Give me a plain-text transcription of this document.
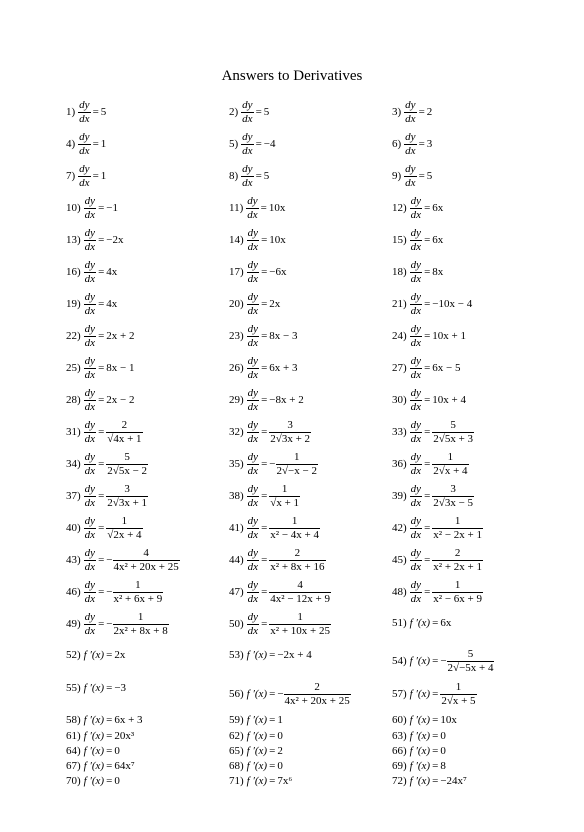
Answers to Derivatives
$1) \frac{dy}{dx} = 5$	$2) \frac{dy}{dx} = 5$	$3) \frac{dy}{dx} = 2$
$4) \frac{dy}{dx} = 1$	$5) \frac{dy}{dx} = -4$	$6) \frac{dy}{dx} = 3$
$7) \frac{dy}{dx} = 1$	$8) \frac{dy}{dx} = 5$	$9) \frac{dy}{dx} = 5$
$10) \frac{dy}{dx} = -1$	$11) \frac{dy}{dx} = 10x$	$12) \frac{dy}{dx} = 6x$
$13) \frac{dy}{dx} = -2x$	$14) \frac{dy}{dx} = 10x$	$15) \frac{dy}{dx} = 6x$
$16) \frac{dy}{dx} = 4x$	$17) \frac{dy}{dx} = -6x$	$18) \frac{dy}{dx} = 8x$
$19) \frac{dy}{dx} = 4x$	$20) \frac{dy}{dx} = 2x$	$21) \frac{dy}{dx} = -10x - 4$
$22) \frac{dy}{dx} = 2x + 2$	$23) \frac{dy}{dx} = 8x - 3$	$24) \frac{dy}{dx} = 10x + 1$
$25) \frac{dy}{dx} = 8x - 1$	$26) \frac{dy}{dx} = 6x + 3$	$27) \frac{dy}{dx} = 6x - 5$
$28) \frac{dy}{dx} = 2x - 2$	$29) \frac{dy}{dx} = -8x + 2$	$30) \frac{dy}{dx} = 10x + 4$
$31) \frac{dy}{dx} = \frac{2}{√4x + 1}$	$32) \frac{dy}{dx} = \frac{3}{2√3x + 2}$	$33) \frac{dy}{dx} = \frac{5}{2√5x + 3}$
$34) \frac{dy}{dx} = \frac{5}{2√5x - 2}$	$35) \frac{dy}{dx}$ = − $\frac{1}{2√-x - 2}$	$36) \frac{dy}{dx} = \frac{1}{2√x + 4}$
$37) \frac{dy}{dx} = \frac{3}{2√3x + 1}$	$38) \frac{dy}{dx} = \frac{1}{√x + 1}$	$39) \frac{dy}{dx} = \frac{3}{2√3x - 5}$
$40) \frac{dy}{dx} = \frac{1}{√2x + 4}$	$41) \frac{dy}{dx} = \frac{1}{\text{x² − 4x + 4}}$	$42) \frac{dy}{dx} = \frac{1}{\text{x² − 2x + 1}}$
$43) \frac{dy}{dx}$ = − $\frac{4}{\text{4x² + 20x + 25}}$	$44) \frac{dy}{dx} = \frac{2}{\text{x² + 8x + 16}}$	$45) \frac{dy}{dx} = \frac{2}{\text{x² + 2x + 1}}$
$46) \frac{dy}{dx}$ = − $\frac{1}{\text{x² + 6x + 9}}$	$47) \frac{dy}{dx} = \frac{4}{\text{4x² − 12x + 9}}$	$48) \frac{dy}{dx} = \frac{1}{\text{x² − 6x + 9}}$
$49) \frac{dy}{dx}$ = − $\frac{1}{\text{2x² + 8x + 8}}$	$50) \frac{dy}{dx} = \frac{1}{\text{x² + 10x + 25}}$	51) f ′(x) = 6x
52) f ′(x) = 2x	53) f ′(x) = −2x + 4	54) f ′(x) = − $\frac{5}{2√-5x + 4}$
55) f ′(x) = −3	56) f ′(x) = − $\frac{2}{\text{4x² + 20x + 25}}$	57) f $'(x) = \frac{1}{2√x + 5}$
58) f ′(x) = 6x + 3	59) f ′(x) = 1	60) f ′(x) = 10x
61) f ′(x) = 20x³	62) f ′(x) = 0	63) f ′(x) = 0
64) f ′(x) = 0	65) f ′(x) = 2	66) f ′(x) = 0
67) f ′(x) = 64x⁷	68) f ′(x) = 0	69) f ′(x) = 8
70) f ′(x) = 0	71) f ′(x) = 7x⁶	72) f ′(x) = −24x⁷
